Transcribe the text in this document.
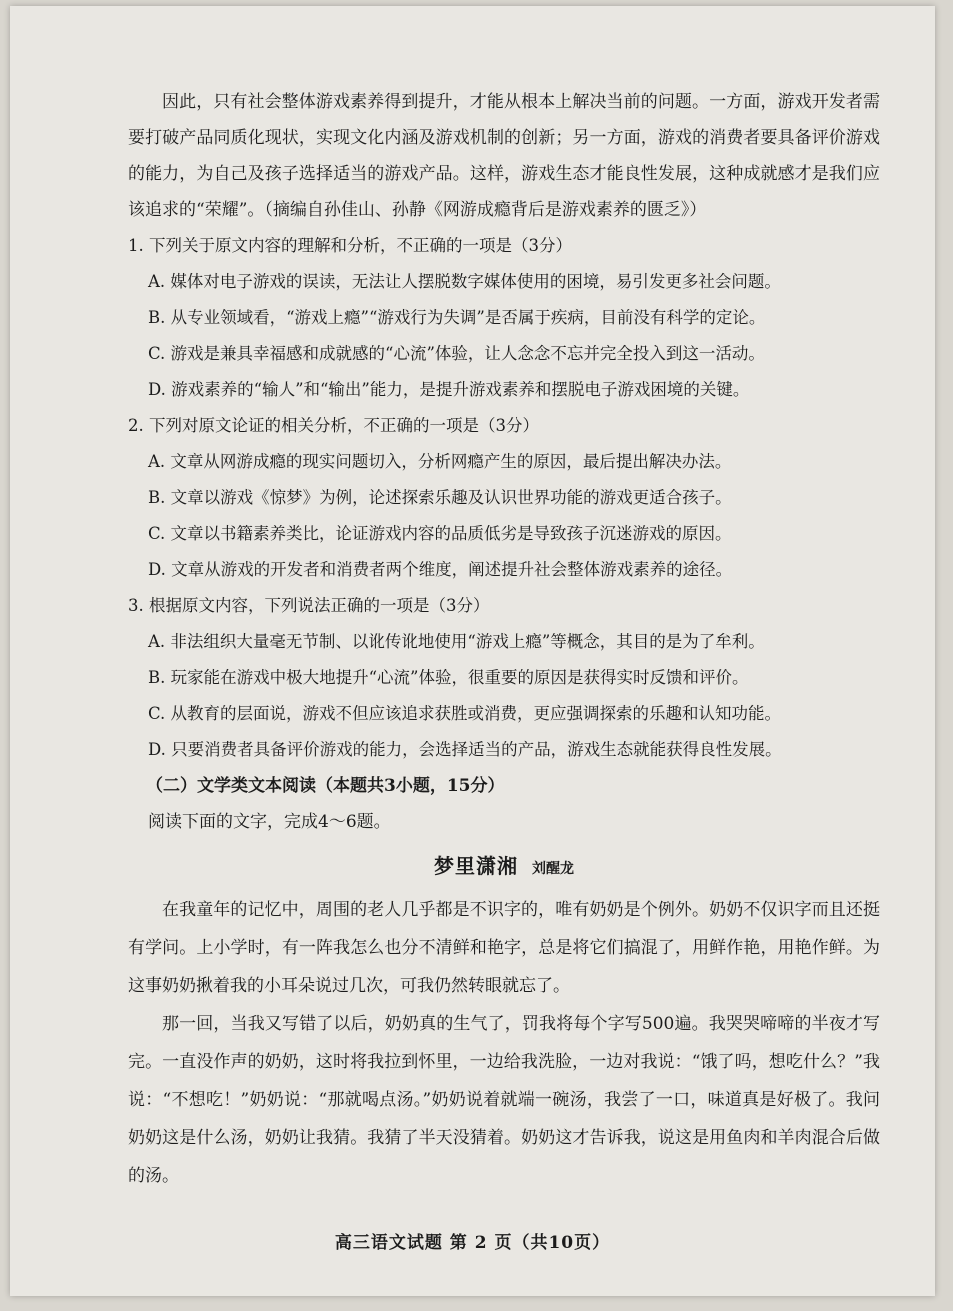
因此，只有社会整体游戏素养得到提升，才能从根本上解决当前的问题。一方面，游戏开发者需要打破产品同质化现状，实现文化内涵及游戏机制的创新；另一方面，游戏的消费者要具备评价游戏的能力，为自己及孩子选择适当的游戏产品。这样，游戏生态才能良性发展，这种成就感才是我们应该追求的“荣耀”。（摘编自孙佳山、孙静《网游成瘾背后是游戏素养的匮乏》）

1. 下列关于原文内容的理解和分析，不正确的一项是（3分）

A. 媒体对电子游戏的误读，无法让人摆脱数字媒体使用的困境，易引发更多社会问题。

B. 从专业领域看，“游戏上瘾”“游戏行为失调”是否属于疾病，目前没有科学的定论。

C. 游戏是兼具幸福感和成就感的“心流”体验，让人念念不忘并完全投入到这一活动。

D. 游戏素养的“输人”和“输出”能力，是提升游戏素养和摆脱电子游戏困境的关键。

2. 下列对原文论证的相关分析，不正确的一项是（3分）

A. 文章从网游成瘾的现实问题切入，分析网瘾产生的原因，最后提出解决办法。

B. 文章以游戏《惊梦》为例，论述探索乐趣及认识世界功能的游戏更适合孩子。

C. 文章以书籍素养类比，论证游戏内容的品质低劣是导致孩子沉迷游戏的原因。

D. 文章从游戏的开发者和消费者两个维度，阐述提升社会整体游戏素养的途径。

3. 根据原文内容，下列说法正确的一项是（3分）

A. 非法组织大量毫无节制、以讹传讹地使用“游戏上瘾”等概念，其目的是为了牟利。

B. 玩家能在游戏中极大地提升“心流”体验，很重要的原因是获得实时反馈和评价。

C. 从教育的层面说，游戏不但应该追求获胜或消费，更应强调探索的乐趣和认知功能。

D. 只要消费者具备评价游戏的能力，会选择适当的产品，游戏生态就能获得良性发展。

（二）文学类文本阅读（本题共3小题，15分）
阅读下面的文字，完成4～6题。
梦里潇湘 刘醒龙

在我童年的记忆中，周围的老人几乎都是不识字的，唯有奶奶是个例外。奶奶不仅识字而且还挺有学问。上小学时，有一阵我怎么也分不清鲜和艳字，总是将它们搞混了，用鲜作艳，用艳作鲜。为这事奶奶揪着我的小耳朵说过几次，可我仍然转眼就忘了。

那一回，当我又写错了以后，奶奶真的生气了，罚我将每个字写500遍。我哭哭啼啼的半夜才写完。一直没作声的奶奶，这时将我拉到怀里，一边给我洗脸，一边对我说：“饿了吗，想吃什么？”我说：“不想吃！”奶奶说：“那就喝点汤。”奶奶说着就端一碗汤，我尝了一口，味道真是好极了。我问奶奶这是什么汤，奶奶让我猜。我猜了半天没猜着。奶奶这才告诉我，说这是用鱼肉和羊肉混合后做的汤。

高三语文试题 第 2 页（共10页）
